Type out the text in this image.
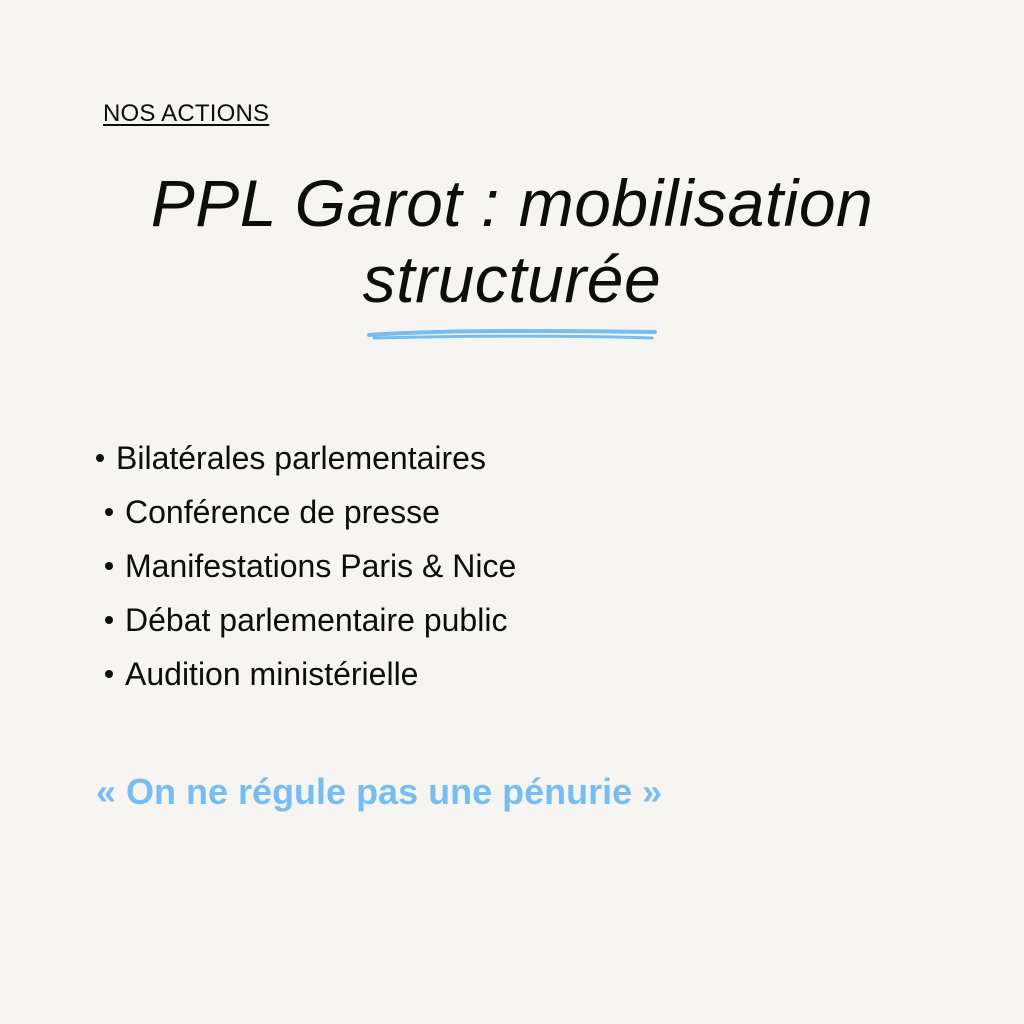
NOS ACTIONS
PPL Garot : mobilisation
structurée
Bilatérales parlementaires
Conférence de presse
Manifestations Paris & Nice
Débat parlementaire public
Audition ministérielle
« On ne régule pas une pénurie »
